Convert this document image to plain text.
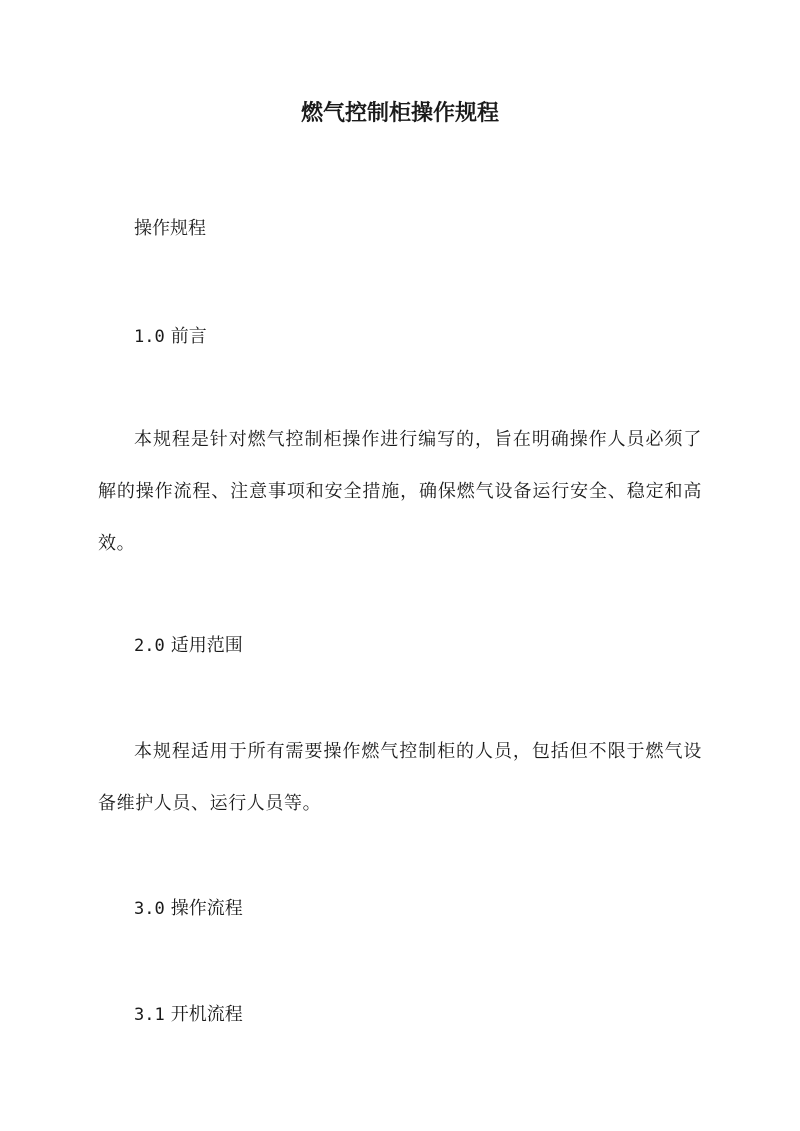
燃气控制柜操作规程
操作规程
1.0 前言

本规程是针对燃气控制柜操作进行编写的，旨在明确操作人员必须了解的操作流程、注意事项和安全措施，确保燃气设备运行安全、稳定和高效。

2.0 适用范围

本规程适用于所有需要操作燃气控制柜的人员，包括但不限于燃气设备维护人员、运行人员等。

3.0 操作流程
3.1 开机流程
